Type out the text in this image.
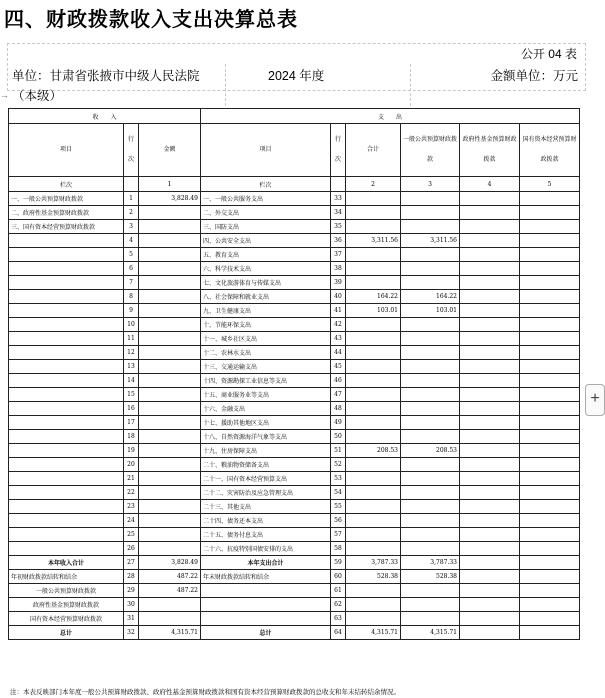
四、财政拨款收入支出决算总表
公开 04 表
单位：甘肃省张掖市中级人民法院
（本级）
2024 年度	金额单位：万元
→
+
收　　入			支　　出					
项目	行次	金额	项目	行次	合计	一般公共预算财政拨款	政府性基金预算财政拨款	国有资本经营预算财政拨款
栏次		1	栏次		2	3	4	5
一、一般公共预算财政拨款	1	3,828.49	一、一般公共服务支出	33				
二、政府性基金预算财政拨款	2		二、外交支出	34				
三、国有资本经营预算财政拨款	3		三、国防支出	35				
	4		四、公共安全支出	36	3,311.56	3,311.56		
	5		五、教育支出	37				
	6		六、科学技术支出	38				
	7		七、文化旅游体育与传媒支出	39				
	8		八、社会保障和就业支出	40	164.22	164.22		
	9		九、卫生健康支出	41	103.01	103.01		
	10		十、节能环保支出	42				
	11		十一、城乡社区支出	43				
	12		十二、农林水支出	44				
	13		十三、交通运输支出	45				
	14		十四、资源勘探工业信息等支出	46				
	15		十五、商业服务业等支出	47				
	16		十六、金融支出	48				
	17		十七、援助其他地区支出	49				
	18		十八、自然资源海洋气象等支出	50				
	19		十九、住房保障支出	51	208.53	208.53		
	20		二十、粮油物资储备支出	52				
	21		二十一、国有资本经营预算支出	53				
	22		二十二、灾害防治及应急管理支出	54				
	23		二十三、其他支出	55				
	24		二十四、债务还本支出	56				
	25		二十五、债务付息支出	57				
	26		二十六、抗疫特别国债安排的支出	58				
本年收入合计	27	3,828.49	本年支出合计	59	3,787.33	3,787.33		
年初财政拨款结转和结余	28	487.22	年末财政拨款结转和结余	60	528.38	528.38		
一般公共预算财政拨款	29	487.22		61				
政府性基金预算财政拨款	30			62				
国有资本经营预算财政拨款	31			63				
总计	32	4,315.71	总计	64	4,315.71	4,315.71		
注：本表反映部门本年度一般公共预算财政拨款、政府性基金预算财政拨款和国有资本经营预算财政拨款的总收支和年末结转结余情况。
